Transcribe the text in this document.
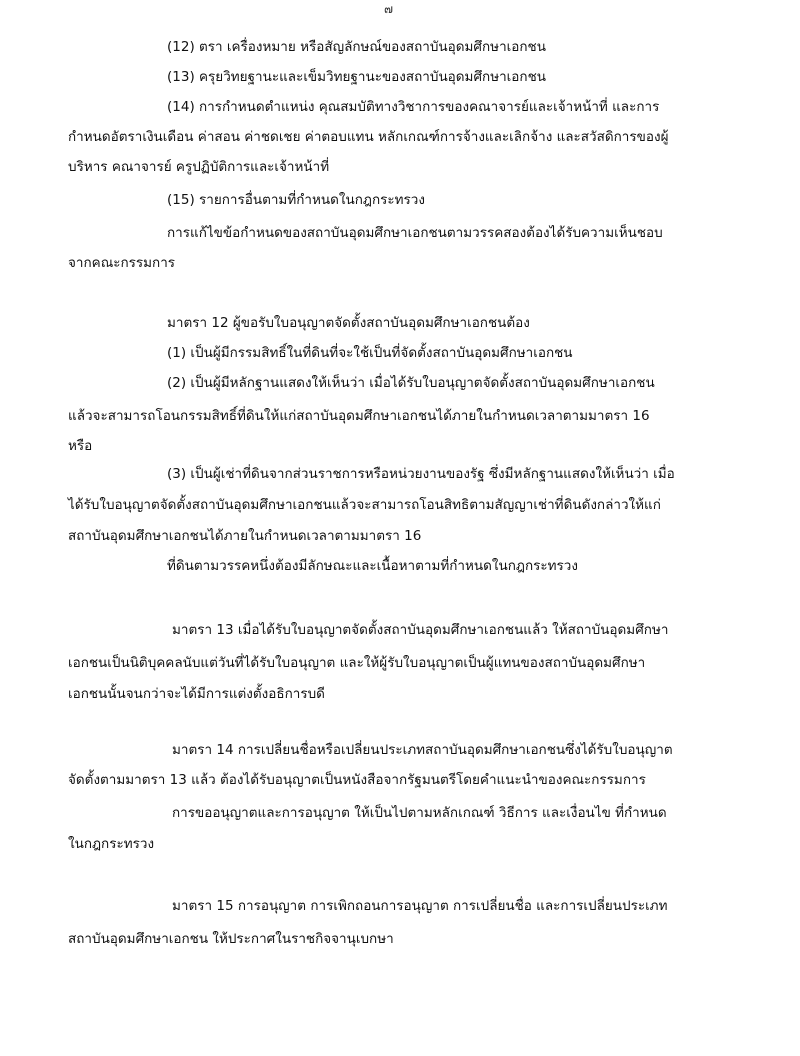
๗
(12) ตรา เครื่องหมาย หรือสัญลักษณ์ของสถาบันอุดมศึกษาเอกชน
(13) ครุยวิทยฐานะและเข็มวิทยฐานะของสถาบันอุดมศึกษาเอกชน
(14) การกำหนดตำแหน่ง คุณสมบัติทางวิชาการของคณาจารย์และเจ้าหน้าที่ และการ
กำหนดอัตราเงินเดือน ค่าสอน ค่าชดเชย ค่าตอบแทน หลักเกณฑ์การจ้างและเลิกจ้าง และสวัสดิการของผู้
บริหาร คณาจารย์ ครูปฏิบัติการและเจ้าหน้าที่
(15) รายการอื่นตามที่กำหนดในกฎกระทรวง
การแก้ไขข้อกำหนดของสถาบันอุดมศึกษาเอกชนตามวรรคสองต้องได้รับความเห็นชอบ
จากคณะกรรมการ
มาตรา 12 ผู้ขอรับใบอนุญาตจัดตั้งสถาบันอุดมศึกษาเอกชนต้อง
(1) เป็นผู้มีกรรมสิทธิ์ในที่ดินที่จะใช้เป็นที่จัดตั้งสถาบันอุดมศึกษาเอกชน
(2) เป็นผู้มีหลักฐานแสดงให้เห็นว่า เมื่อได้รับใบอนุญาตจัดตั้งสถาบันอุดมศึกษาเอกชน
แล้วจะสามารถโอนกรรมสิทธิ์ที่ดินให้แก่สถาบันอุดมศึกษาเอกชนได้ภายในกำหนดเวลาตามมาตรา 16
หรือ
(3) เป็นผู้เช่าที่ดินจากส่วนราชการหรือหน่วยงานของรัฐ ซึ่งมีหลักฐานแสดงให้เห็นว่า เมื่อ
ได้รับใบอนุญาตจัดตั้งสถาบันอุดมศึกษาเอกชนแล้วจะสามารถโอนสิทธิตามสัญญาเช่าที่ดินดังกล่าวให้แก่
สถาบันอุดมศึกษาเอกชนได้ภายในกำหนดเวลาตามมาตรา 16
ที่ดินตามวรรคหนึ่งต้องมีลักษณะและเนื้อหาตามที่กำหนดในกฎกระทรวง
มาตรา 13 เมื่อได้รับใบอนุญาตจัดตั้งสถาบันอุดมศึกษาเอกชนแล้ว ให้สถาบันอุดมศึกษา
เอกชนเป็นนิติบุคคลนับแต่วันที่ได้รับใบอนุญาต และให้ผู้รับใบอนุญาตเป็นผู้แทนของสถาบันอุดมศึกษา
เอกชนนั้นจนกว่าจะได้มีการแต่งตั้งอธิการบดี
มาตรา 14 การเปลี่ยนชื่อหรือเปลี่ยนประเภทสถาบันอุดมศึกษาเอกชนซึ่งได้รับใบอนุญาต
จัดตั้งตามมาตรา 13 แล้ว ต้องได้รับอนุญาตเป็นหนังสือจากรัฐมนตรีโดยคำแนะนำของคณะกรรมการ
การขออนุญาตและการอนุญาต ให้เป็นไปตามหลักเกณฑ์ วิธีการ และเงื่อนไข ที่กำหนด
ในกฎกระทรวง
มาตรา 15 การอนุญาต การเพิกถอนการอนุญาต การเปลี่ยนชื่อ และการเปลี่ยนประเภท
สถาบันอุดมศึกษาเอกชน ให้ประกาศในราชกิจจานุเบกษา
